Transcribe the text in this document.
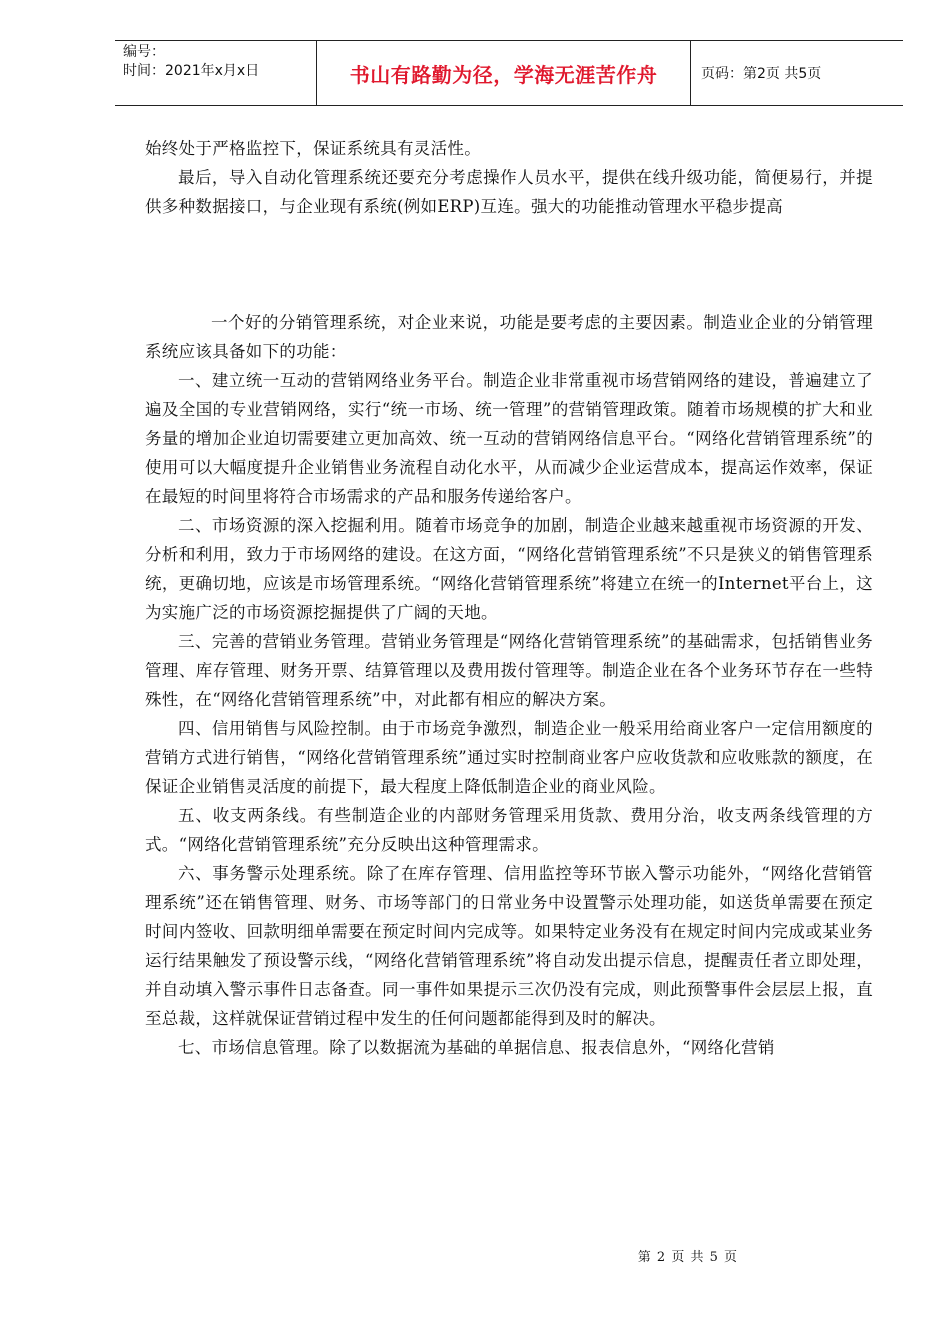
编号：
时间：2021年x月x日	书山有路勤为径，学海无涯苦作舟	页码：第2页 共5页

始终处于严格监控下，保证系统具有灵活性。

最后，导入自动化管理系统还要充分考虑操作人员水平，提供在线升级功能，简便易行，并提供多种数据接口，与企业现有系统(例如ERP)互连。强大的功能推动管理水平稳步提高

一个好的分销管理系统，对企业来说，功能是要考虑的主要因素。制造业企业的分销管理系统应该具备如下的功能：

一、建立统一互动的营销网络业务平台。制造企业非常重视市场营销网络的建设，普遍建立了遍及全国的专业营销网络，实行“统一市场、统一管理”的营销管理政策。随着市场规模的扩大和业务量的增加企业迫切需要建立更加高效、统一互动的营销网络信息平台。“网络化营销管理系统”的使用可以大幅度提升企业销售业务流程自动化水平，从而减少企业运营成本，提高运作效率，保证在最短的时间里将符合市场需求的产品和服务传递给客户。

二、市场资源的深入挖掘利用。随着市场竞争的加剧，制造企业越来越重视市场资源的开发、分析和利用，致力于市场网络的建设。在这方面，“网络化营销管理系统”不只是狭义的销售管理系统，更确切地，应该是市场管理系统。“网络化营销管理系统”将建立在统一的Internet平台上，这为实施广泛的市场资源挖掘提供了广阔的天地。

三、完善的营销业务管理。营销业务管理是“网络化营销管理系统”的基础需求，包括销售业务管理、库存管理、财务开票、结算管理以及费用拨付管理等。制造企业在各个业务环节存在一些特殊性，在“网络化营销管理系统”中，对此都有相应的解决方案。

四、信用销售与风险控制。由于市场竞争激烈，制造企业一般采用给商业客户一定信用额度的营销方式进行销售，“网络化营销管理系统”通过实时控制商业客户应收货款和应收账款的额度，在保证企业销售灵活度的前提下，最大程度上降低制造企业的商业风险。

五、收支两条线。有些制造企业的内部财务管理采用货款、费用分治，收支两条线管理的方式。“网络化营销管理系统”充分反映出这种管理需求。

六、事务警示处理系统。除了在库存管理、信用监控等环节嵌入警示功能外，“网络化营销管理系统”还在销售管理、财务、市场等部门的日常业务中设置警示处理功能，如送货单需要在预定时间内签收、回款明细单需要在预定时间内完成等。如果特定业务没有在规定时间内完成或某业务运行结果触发了预设警示线，“网络化营销管理系统”将自动发出提示信息，提醒责任者立即处理，并自动填入警示事件日志备查。同一事件如果提示三次仍没有完成，则此预警事件会层层上报，直至总裁，这样就保证营销过程中发生的任何问题都能得到及时的解决。

七、市场信息管理。除了以数据流为基础的单据信息、报表信息外，“网络化营销

第 2 页 共 5 页
